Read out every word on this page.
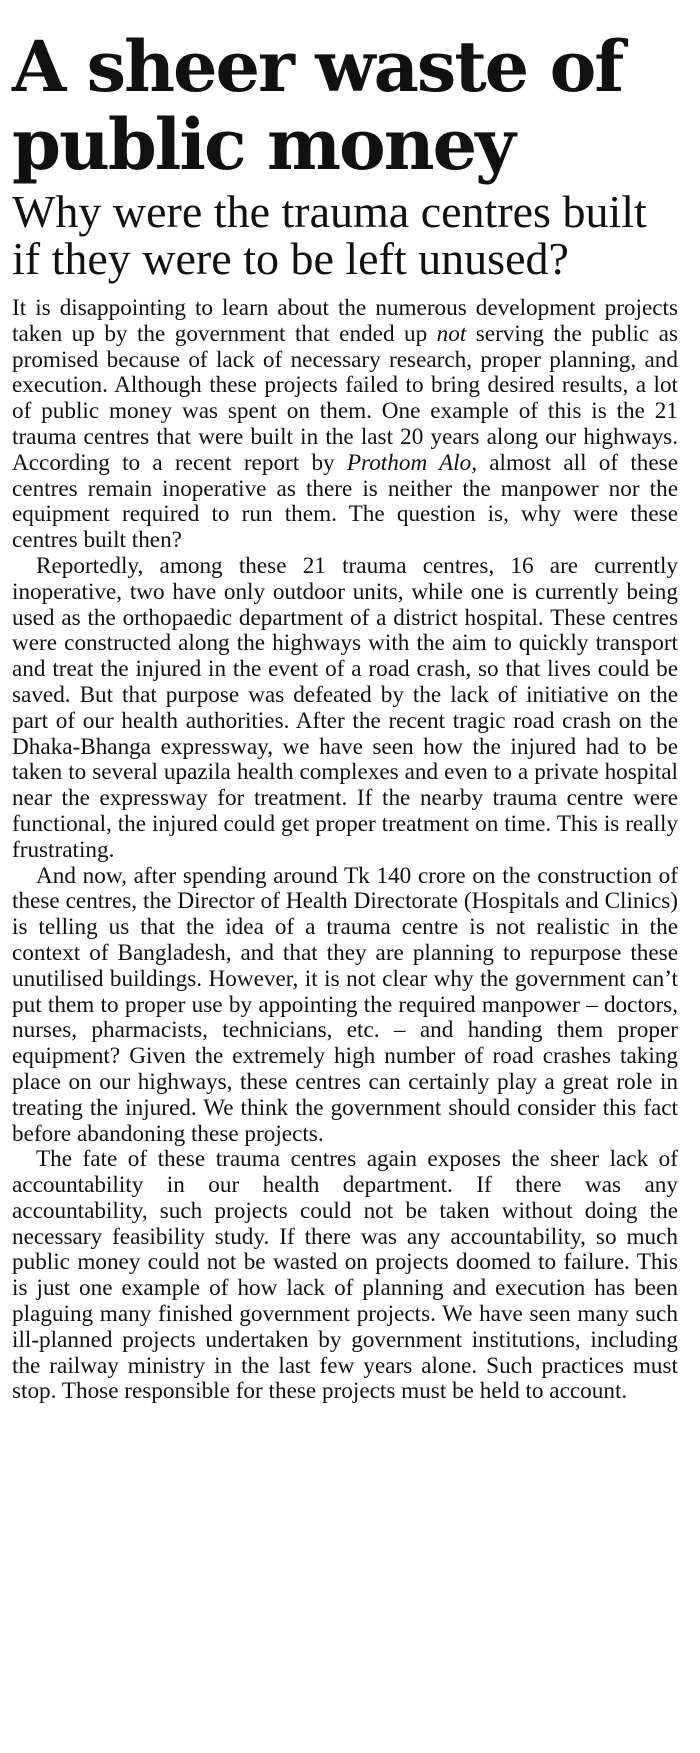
A sheer waste of public money
Why were the trauma centres built if they were to be left unused?

It is disappointing to learn about the numerous development projects taken up by the government that ended up not serving the public as promised because of lack of necessary research, proper planning, and execution. Although these projects failed to bring desired results, a lot of public money was spent on them. One example of this is the 21 trauma centres that were built in the last 20 years along our highways. According to a recent report by Prothom Alo, almost all of these centres remain inoperative as there is neither the manpower nor the equipment required to run them. The question is, why were these centres built then?

Reportedly, among these 21 trauma centres, 16 are currently inoperative, two have only outdoor units, while one is currently being used as the orthopaedic department of a district hospital. These centres were constructed along the highways with the aim to quickly transport and treat the injured in the event of a road crash, so that lives could be saved. But that purpose was defeated by the lack of initiative on the part of our health authorities. After the recent tragic road crash on the Dhaka-Bhanga expressway, we have seen how the injured had to be taken to several upazila health complexes and even to a private hospital near the expressway for treatment. If the nearby trauma centre were functional, the injured could get proper treatment on time. This is really frustrating.

And now, after spending around Tk 140 crore on the construction of these centres, the Director of Health Directorate (Hospitals and Clinics) is telling us that the idea of a trauma centre is not realistic in the context of Bangladesh, and that they are planning to repurpose these unutilised buildings. However, it is not clear why the government can’t put them to proper use by appointing the required manpower – doctors, nurses, pharmacists, technicians, etc. – and handing them proper equipment? Given the extremely high number of road crashes taking place on our highways, these centres can certainly play a great role in treating the injured. We think the government should consider this fact before abandoning these projects.

The fate of these trauma centres again exposes the sheer lack of accountability in our health department. If there was any accountability, such projects could not be taken without doing the necessary feasibility study. If there was any accountability, so much public money could not be wasted on projects doomed to failure. This is just one example of how lack of planning and execution has been plaguing many finished government projects. We have seen many such ill-planned projects undertaken by government institutions, including the railway ministry in the last few years alone. Such practices must stop. Those responsible for these projects must be held to account.
